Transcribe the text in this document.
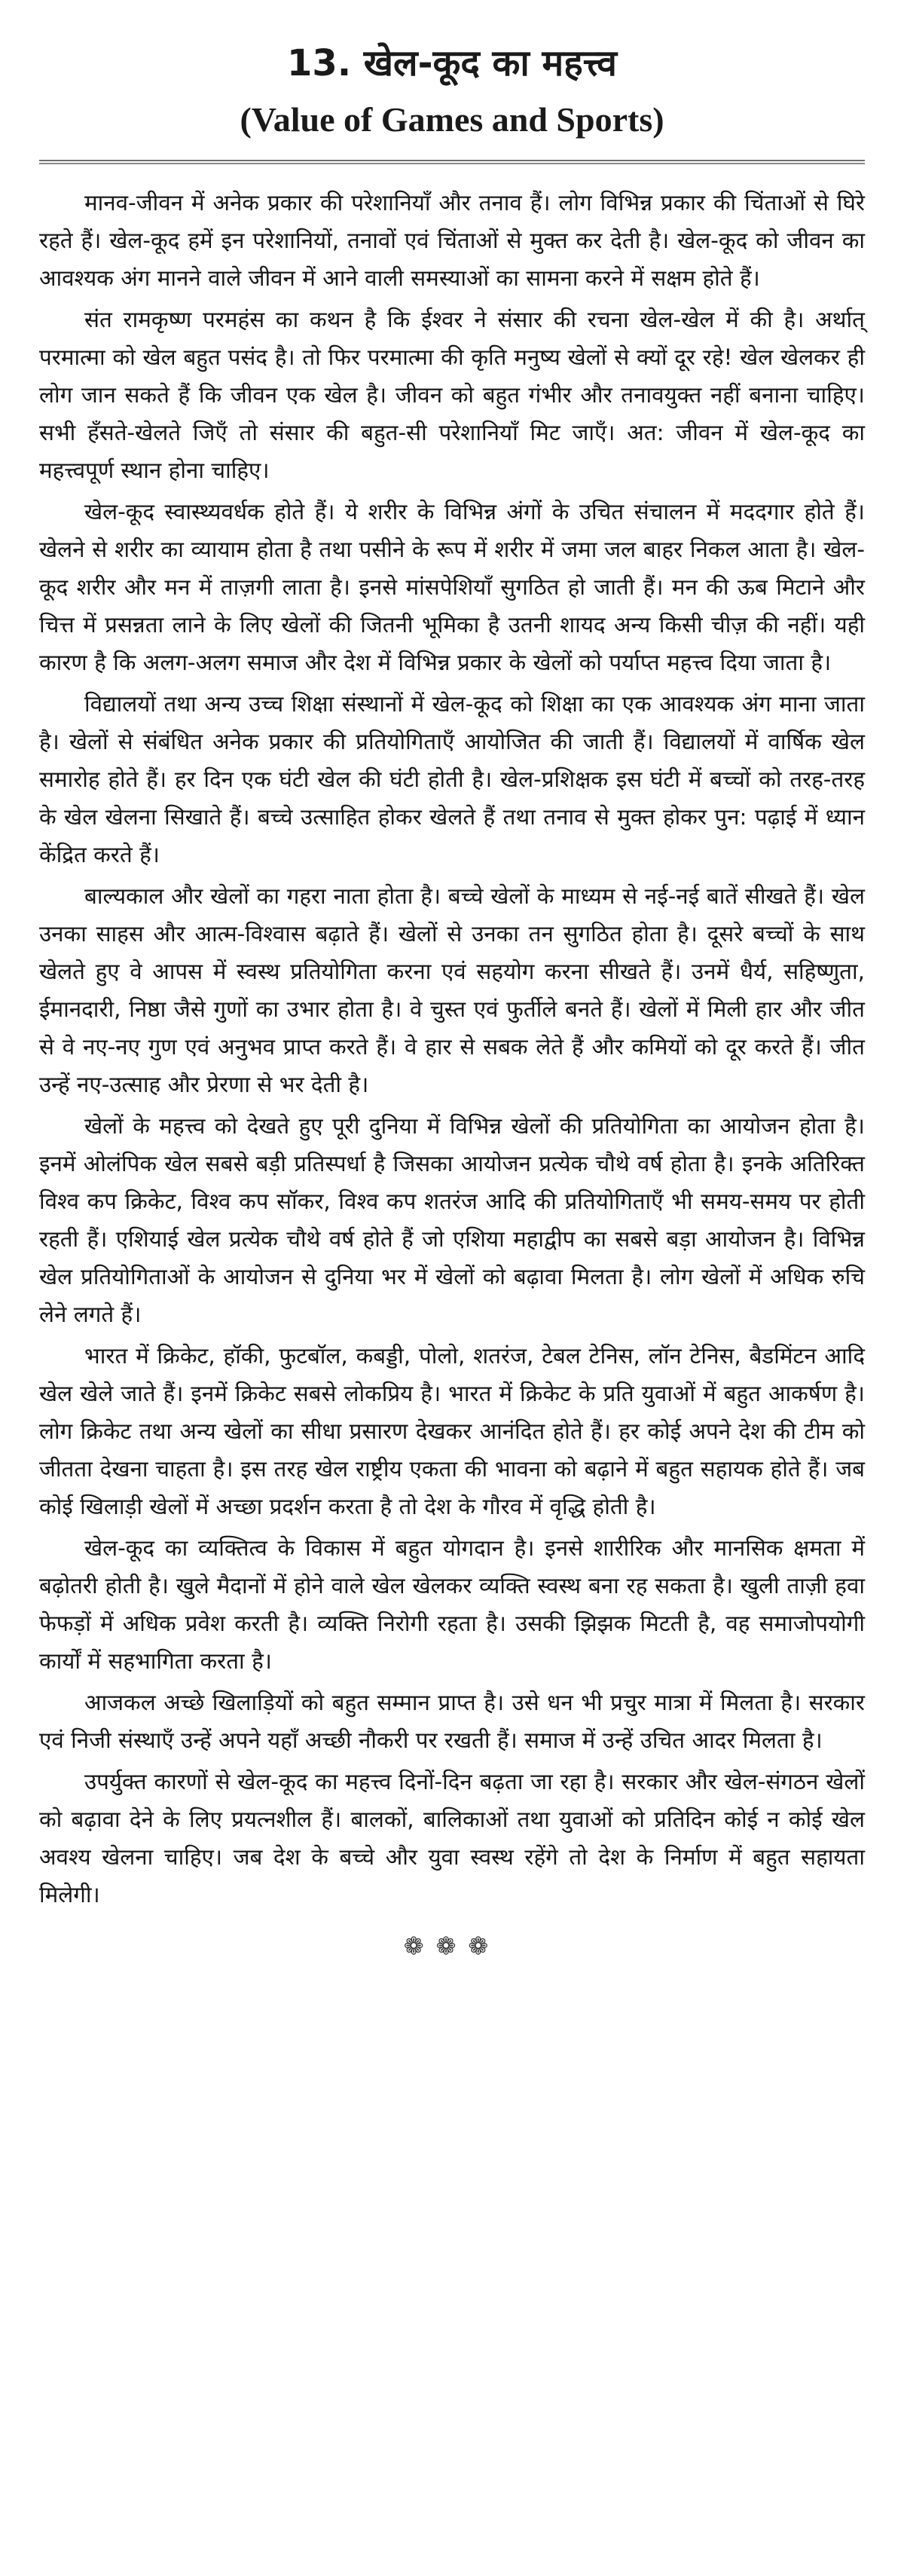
13. खेल-कूद का महत्त्व
(Value of Games and Sports)

मानव-जीवन में अनेक प्रकार की परेशानियाँ और तनाव हैं। लोग विभिन्न प्रकार की चिंताओं से घिरे रहते हैं। खेल-कूद हमें इन परेशानियों, तनावों एवं चिंताओं से मुक्त कर देती है। खेल-कूद को जीवन का आवश्यक अंग मानने वाले जीवन में आने वाली समस्याओं का सामना करने में सक्षम होते हैं।

संत रामकृष्ण परमहंस का कथन है कि ईश्वर ने संसार की रचना खेल-खेल में की है। अर्थात् परमात्मा को खेल बहुत पसंद है। तो फिर परमात्मा की कृति मनुष्य खेलों से क्यों दूर रहे! खेल खेलकर ही लोग जान सकते हैं कि जीवन एक खेल है। जीवन को बहुत गंभीर और तनावयुक्त नहीं बनाना चाहिए। सभी हँसते-खेलते जिएँ तो संसार की बहुत-सी परेशानियाँ मिट जाएँ। अत: जीवन में खेल-कूद का महत्त्वपूर्ण स्थान होना चाहिए।

खेल-कूद स्वास्थ्यवर्धक होते हैं। ये शरीर के विभिन्न अंगों के उचित संचालन में मददगार होते हैं। खेलने से शरीर का व्यायाम होता है तथा पसीने के रूप में शरीर में जमा जल बाहर निकल आता है। खेल-कूद शरीर और मन में ताज़गी लाता है। इनसे मांसपेशियाँ सुगठित हो जाती हैं। मन की ऊब मिटाने और चित्त में प्रसन्नता लाने के लिए खेलों की जितनी भूमिका है उतनी शायद अन्य किसी चीज़ की नहीं। यही कारण है कि अलग-अलग समाज और देश में विभिन्न प्रकार के खेलों को पर्याप्त महत्त्व दिया जाता है।

विद्यालयों तथा अन्य उच्च शिक्षा संस्थानों में खेल-कूद को शिक्षा का एक आवश्यक अंग माना जाता है। खेलों से संबंधित अनेक प्रकार की प्रतियोगिताएँ आयोजित की जाती हैं। विद्यालयों में वार्षिक खेल समारोह होते हैं। हर दिन एक घंटी खेल की घंटी होती है। खेल-प्रशिक्षक इस घंटी में बच्चों को तरह-तरह के खेल खेलना सिखाते हैं। बच्चे उत्साहित होकर खेलते हैं तथा तनाव से मुक्त होकर पुन: पढ़ाई में ध्यान केंद्रित करते हैं।

बाल्यकाल और खेलों का गहरा नाता होता है। बच्चे खेलों के माध्यम से नई-नई बातें सीखते हैं। खेल उनका साहस और आत्म-विश्वास बढ़ाते हैं। खेलों से उनका तन सुगठित होता है। दूसरे बच्चों के साथ खेलते हुए वे आपस में स्वस्थ प्रतियोगिता करना एवं सहयोग करना सीखते हैं। उनमें धैर्य, सहिष्णुता, ईमानदारी, निष्ठा जैसे गुणों का उभार होता है। वे चुस्त एवं फुर्तीले बनते हैं। खेलों में मिली हार और जीत से वे नए-नए गुण एवं अनुभव प्राप्त करते हैं। वे हार से सबक लेते हैं और कमियों को दूर करते हैं। जीत उन्हें नए-उत्साह और प्रेरणा से भर देती है।

खेलों के महत्त्व को देखते हुए पूरी दुनिया में विभिन्न खेलों की प्रतियोगिता का आयोजन होता है। इनमें ओलंपिक खेल सबसे बड़ी प्रतिस्पर्धा है जिसका आयोजन प्रत्येक चौथे वर्ष होता है। इनके अतिरिक्त विश्व कप क्रिकेट, विश्व कप सॉकर, विश्व कप शतरंज आदि की प्रतियोगिताएँ भी समय-समय पर होती रहती हैं। एशियाई खेल प्रत्येक चौथे वर्ष होते हैं जो एशिया महाद्वीप का सबसे बड़ा आयोजन है। विभिन्न खेल प्रतियोगिताओं के आयोजन से दुनिया भर में खेलों को बढ़ावा मिलता है। लोग खेलों में अधिक रुचि लेने लगते हैं।

भारत में क्रिकेट, हॉकी, फुटबॉल, कबड्डी, पोलो, शतरंज, टेबल टेनिस, लॉन टेनिस, बैडमिंटन आदि खेल खेले जाते हैं। इनमें क्रिकेट सबसे लोकप्रिय है। भारत में क्रिकेट के प्रति युवाओं में बहुत आकर्षण है। लोग क्रिकेट तथा अन्य खेलों का सीधा प्रसारण देखकर आनंदित होते हैं। हर कोई अपने देश की टीम को जीतता देखना चाहता है। इस तरह खेल राष्ट्रीय एकता की भावना को बढ़ाने में बहुत सहायक होते हैं। जब कोई खिलाड़ी खेलों में अच्छा प्रदर्शन करता है तो देश के गौरव में वृद्धि होती है।

खेल-कूद का व्यक्तित्व के विकास में बहुत योगदान है। इनसे शारीरिक और मानसिक क्षमता में बढ़ोतरी होती है। खुले मैदानों में होने वाले खेल खेलकर व्यक्ति स्वस्थ बना रह सकता है। खुली ताज़ी हवा फेफड़ों में अधिक प्रवेश करती है। व्यक्ति निरोगी रहता है। उसकी झिझक मिटती है, वह समाजोपयोगी कार्यों में सहभागिता करता है।

आजकल अच्छे खिलाड़ियों को बहुत सम्मान प्राप्त है। उसे धन भी प्रचुर मात्रा में मिलता है। सरकार एवं निजी संस्थाएँ उन्हें अपने यहाँ अच्छी नौकरी पर रखती हैं। समाज में उन्हें उचित आदर मिलता है।

उपर्युक्त कारणों से खेल-कूद का महत्त्व दिनों-दिन बढ़ता जा रहा है। सरकार और खेल-संगठन खेलों को बढ़ावा देने के लिए प्रयत्नशील हैं। बालकों, बालिकाओं तथा युवाओं को प्रतिदिन कोई न कोई खेल अवश्य खेलना चाहिए। जब देश के बच्चे और युवा स्वस्थ रहेंगे तो देश के निर्माण में बहुत सहायता मिलेगी।

❁❁❁
